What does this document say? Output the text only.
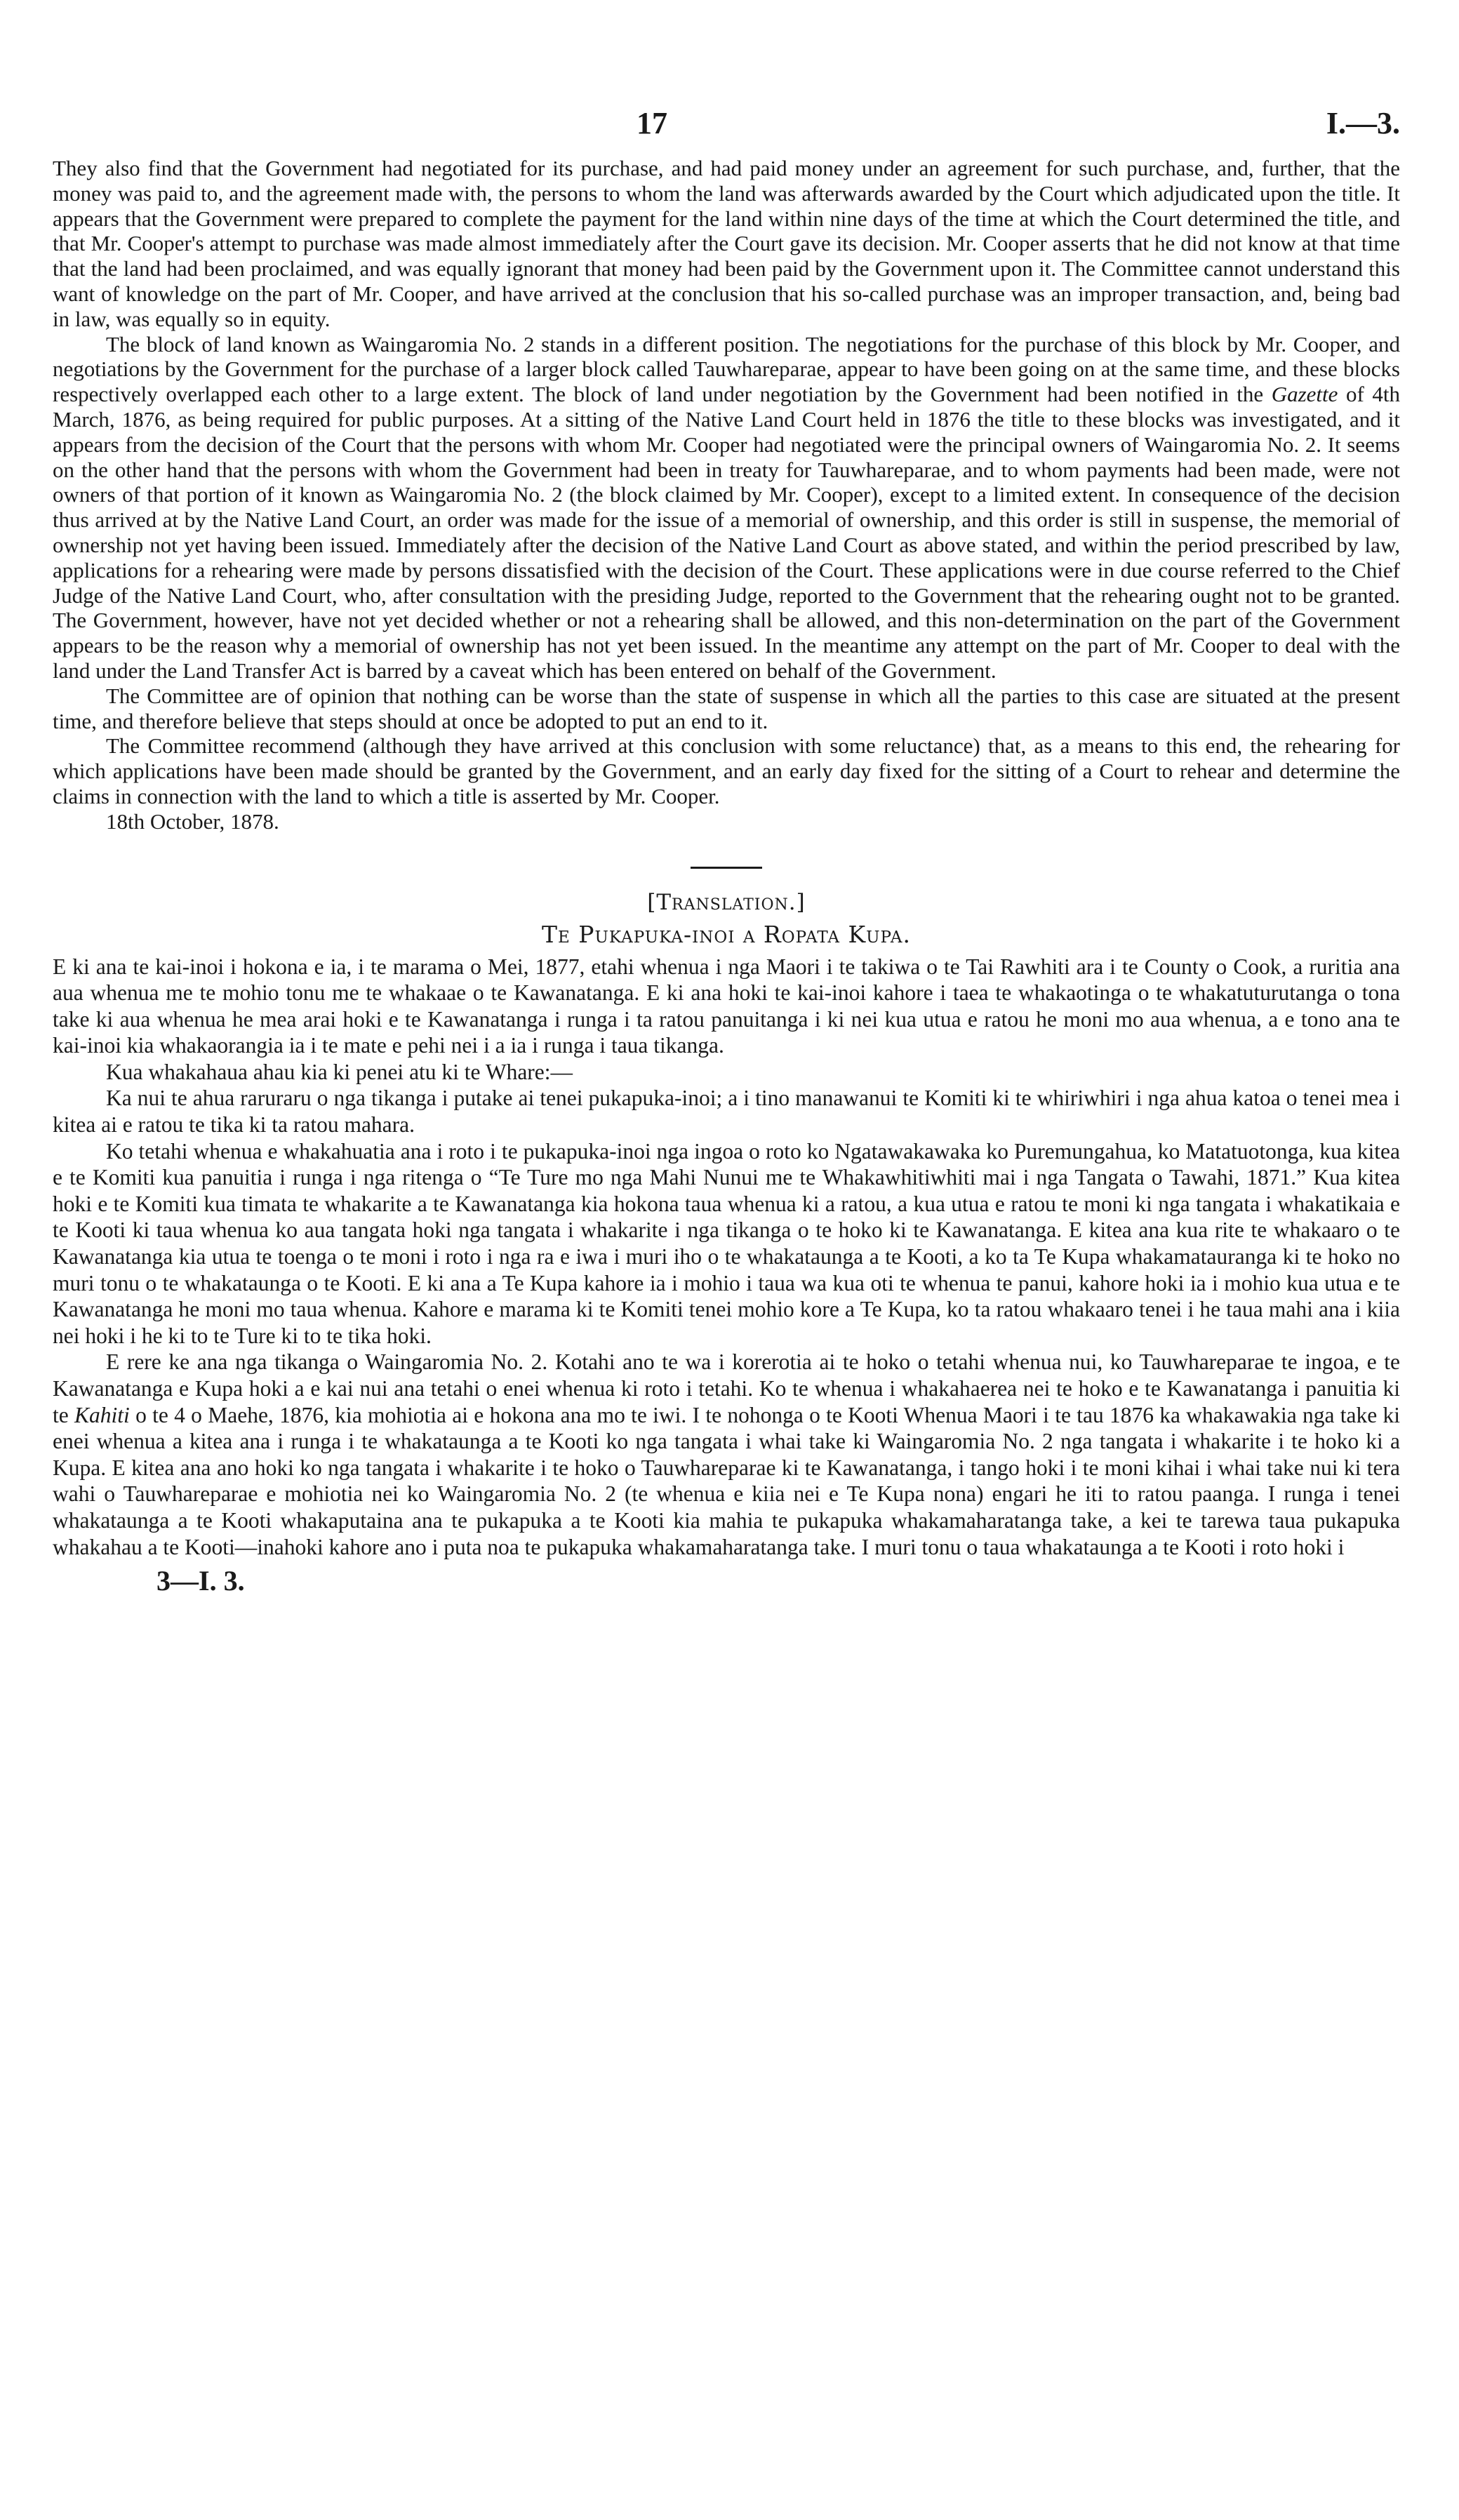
17	I.—3.

They also find that the Government had negotiated for its purchase, and had paid money under an agreement for such purchase, and, further, that the money was paid to, and the agreement made with, the persons to whom the land was afterwards awarded by the Court which adjudicated upon the title. It appears that the Government were prepared to complete the payment for the land within nine days of the time at which the Court determined the title, and that Mr. Cooper's attempt to purchase was made almost immediately after the Court gave its decision. Mr. Cooper asserts that he did not know at that time that the land had been proclaimed, and was equally ignorant that money had been paid by the Government upon it. The Committee cannot understand this want of knowledge on the part of Mr. Cooper, and have arrived at the conclusion that his so-called purchase was an improper transaction, and, being bad in law, was equally so in equity.

The block of land known as Waingaromia No. 2 stands in a different position. The negotiations for the purchase of this block by Mr. Cooper, and negotiations by the Government for the purchase of a larger block called Tauwhareparae, appear to have been going on at the same time, and these blocks respectively overlapped each other to a large extent. The block of land under negotiation by the Government had been notified in the Gazette of 4th March, 1876, as being required for public purposes. At a sitting of the Native Land Court held in 1876 the title to these blocks was investigated, and it appears from the decision of the Court that the persons with whom Mr. Cooper had negotiated were the principal owners of Waingaromia No. 2. It seems on the other hand that the persons with whom the Government had been in treaty for Tauwhareparae, and to whom payments had been made, were not owners of that portion of it known as Waingaromia No. 2 (the block claimed by Mr. Cooper), except to a limited extent. In consequence of the decision thus arrived at by the Native Land Court, an order was made for the issue of a memorial of ownership, and this order is still in suspense, the memorial of ownership not yet having been issued. Immediately after the decision of the Native Land Court as above stated, and within the period prescribed by law, applications for a rehearing were made by persons dissatisfied with the decision of the Court. These applications were in due course referred to the Chief Judge of the Native Land Court, who, after consultation with the presiding Judge, reported to the Government that the rehearing ought not to be granted. The Government, however, have not yet decided whether or not a rehearing shall be allowed, and this non-determination on the part of the Government appears to be the reason why a memorial of ownership has not yet been issued. In the meantime any attempt on the part of Mr. Cooper to deal with the land under the Land Transfer Act is barred by a caveat which has been entered on behalf of the Government.

The Committee are of opinion that nothing can be worse than the state of suspense in which all the parties to this case are situated at the present time, and therefore believe that steps should at once be adopted to put an end to it.

The Committee recommend (although they have arrived at this conclusion with some reluctance) that, as a means to this end, the rehearing for which applications have been made should be granted by the Government, and an early day fixed for the sitting of a Court to rehear and determine the claims in connection with the land to which a title is asserted by Mr. Cooper.

18th October, 1878.

[Translation.]
Te Pukapuka-inoi a Ropata Kupa.

E ki ana te kai-inoi i hokona e ia, i te marama o Mei, 1877, etahi whenua i nga Maori i te takiwa o te Tai Rawhiti ara i te County o Cook, a ruritia ana aua whenua me te mohio tonu me te whakaae o te Kawanatanga. E ki ana hoki te kai-inoi kahore i taea te whakaotinga o te whakatuturutanga o tona take ki aua whenua he mea arai hoki e te Kawanatanga i runga i ta ratou panuitanga i ki nei kua utua e ratou he moni mo aua whenua, a e tono ana te kai-inoi kia whakaorangia ia i te mate e pehi nei i a ia i runga i taua tikanga.

Kua whakahaua ahau kia ki penei atu ki te Whare:—

Ka nui te ahua raruraru o nga tikanga i putake ai tenei pukapuka-inoi; a i tino manawanui te Komiti ki te whiriwhiri i nga ahua katoa o tenei mea i kitea ai e ratou te tika ki ta ratou mahara.

Ko tetahi whenua e whakahuatia ana i roto i te pukapuka-inoi nga ingoa o roto ko Ngatawakawaka ko Puremungahua, ko Matatuotonga, kua kitea e te Komiti kua panuitia i runga i nga ritenga o “Te Ture mo nga Mahi Nunui me te Whakawhitiwhiti mai i nga Tangata o Tawahi, 1871.” Kua kitea hoki e te Komiti kua timata te whakarite a te Kawanatanga kia hokona taua whenua ki a ratou, a kua utua e ratou te moni ki nga tangata i whakatikaia e te Kooti ki taua whenua ko aua tangata hoki nga tangata i whakarite i nga tikanga o te hoko ki te Kawanatanga. E kitea ana kua rite te whakaaro o te Kawanatanga kia utua te toenga o te moni i roto i nga ra e iwa i muri iho o te whakataunga a te Kooti, a ko ta Te Kupa whakamatauranga ki te hoko no muri tonu o te whakataunga o te Kooti. E ki ana a Te Kupa kahore ia i mohio i taua wa kua oti te whenua te panui, kahore hoki ia i mohio kua utua e te Kawanatanga he moni mo taua whenua. Kahore e marama ki te Komiti tenei mohio kore a Te Kupa, ko ta ratou whakaaro tenei i he taua mahi ana i kiia nei hoki i he ki to te Ture ki to te tika hoki.

E rere ke ana nga tikanga o Waingaromia No. 2. Kotahi ano te wa i korerotia ai te hoko o tetahi whenua nui, ko Tauwhareparae te ingoa, e te Kawanatanga e Kupa hoki a e kai nui ana tetahi o enei whenua ki roto i tetahi. Ko te whenua i whakahaerea nei te hoko e te Kawanatanga i panuitia ki te Kahiti o te 4 o Maehe, 1876, kia mohiotia ai e hokona ana mo te iwi. I te nohonga o te Kooti Whenua Maori i te tau 1876 ka whakawakia nga take ki enei whenua a kitea ana i runga i te whakataunga a te Kooti ko nga tangata i whai take ki Waingaromia No. 2 nga tangata i whakarite i te hoko ki a Kupa. E kitea ana ano hoki ko nga tangata i whakarite i te hoko o Tauwhareparae ki te Kawanatanga, i tango hoki i te moni kihai i whai take nui ki tera wahi o Tauwhareparae e mohiotia nei ko Waingaromia No. 2 (te whenua e kiia nei e Te Kupa nona) engari he iti to ratou paanga. I runga i tenei whakataunga a te Kooti whakaputaina ana te pukapuka a te Kooti kia mahia te pukapuka whakamaharatanga take, a kei te tarewa taua pukapuka whakahau a te Kooti—inahoki kahore ano i puta noa te pukapuka whakamaharatanga take. I muri tonu o taua whakataunga a te Kooti i roto hoki i

3—I. 3.
